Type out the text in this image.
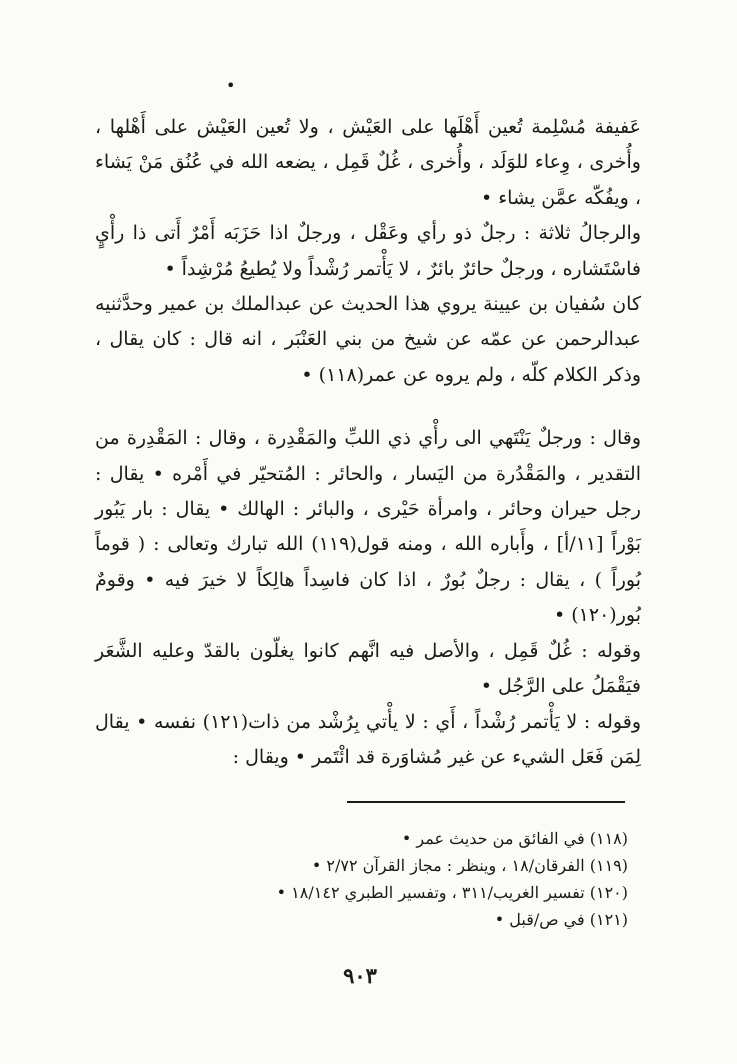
•

عَفيفة مُسْلِمة تُعين أَهْلَها على العَيْش ، ولا تُعين العَيْش على أَهْلها ، وأُخرى ، وِعاء للوَلَد ، وأُخرى ، غُلٌ قَمِل ، يضعه الله في عُنُق مَنْ يَشاء ، ويفُكّه عمَّن يشاء •

والرجالُ ثلاثة : رجلٌ ذو رأي وعَقْل ، ورجلٌ اذا حَزَبَه أَمْرٌ أَتى ذا رأْيٍ فاسْتَشاره ، ورجلٌ حائرٌ بائرٌ ، لا يَأْتمر رُشْداً ولا يُطيعُ مُرْشِداً •

كان سُفيان بن عيينة يروي هذا الحديث عن عبدالملك بن عمير وحدَّثنيه عبدالرحمن عن عمّه عن شيخ من بني العَنْبَر ، انه قال : كان يقال ، وذكر الكلام كلّه ، ولم يروه عن عمر(١١٨) •

وقال : ورجلٌ يَنْتَهي الى رأْي ذي اللبِّ والمَقْدِرة ، وقال : المَقْدِرة من التقدير ، والمَقْدُرة من اليَسار ، والحائر : المُتحيّر في أَمْره • يقال : رجل حيران وحائر ، وامرأة حَيْرى ، والبائر : الهالك • يقال : بار يَبُور بَوْراً [١١/أ] ، وأَباره الله ، ومنه قول(١١٩) الله تبارك وتعالى : ( قوماً بُوراً ) ، يقال : رجلٌ بُورٌ ، اذا كان فاسِداً هالِكاً لا خيرَ فيه • وقومٌ بُور(١٢٠) •

وقوله : غُلٌ قَمِل ، والأصل فيه انَّهم كانوا يغلّون بالقدّ وعليه الشَّعَر فيَقْمَلُ على الرَّجُل •

وقوله : لا يَأْتمر رُشْداً ، أَي : لا يأْتي بِرُشْد من ذات(١٢١) نفسه • يقال لِمَن فَعَل الشيء عن غير مُشاوَرة قد ائْتَمر • ويقال :

(١١٨) في الفائق من حديث عمر •

(١١٩) الفرقان/١٨ ، وينظر : مجاز القرآن ٢/٧٢ •

(١٢٠) تفسير الغريب/٣١١ ، وتفسير الطبري ١٨/١٤٢ •

(١٢١) في ص/قبل •

٩٠٣
